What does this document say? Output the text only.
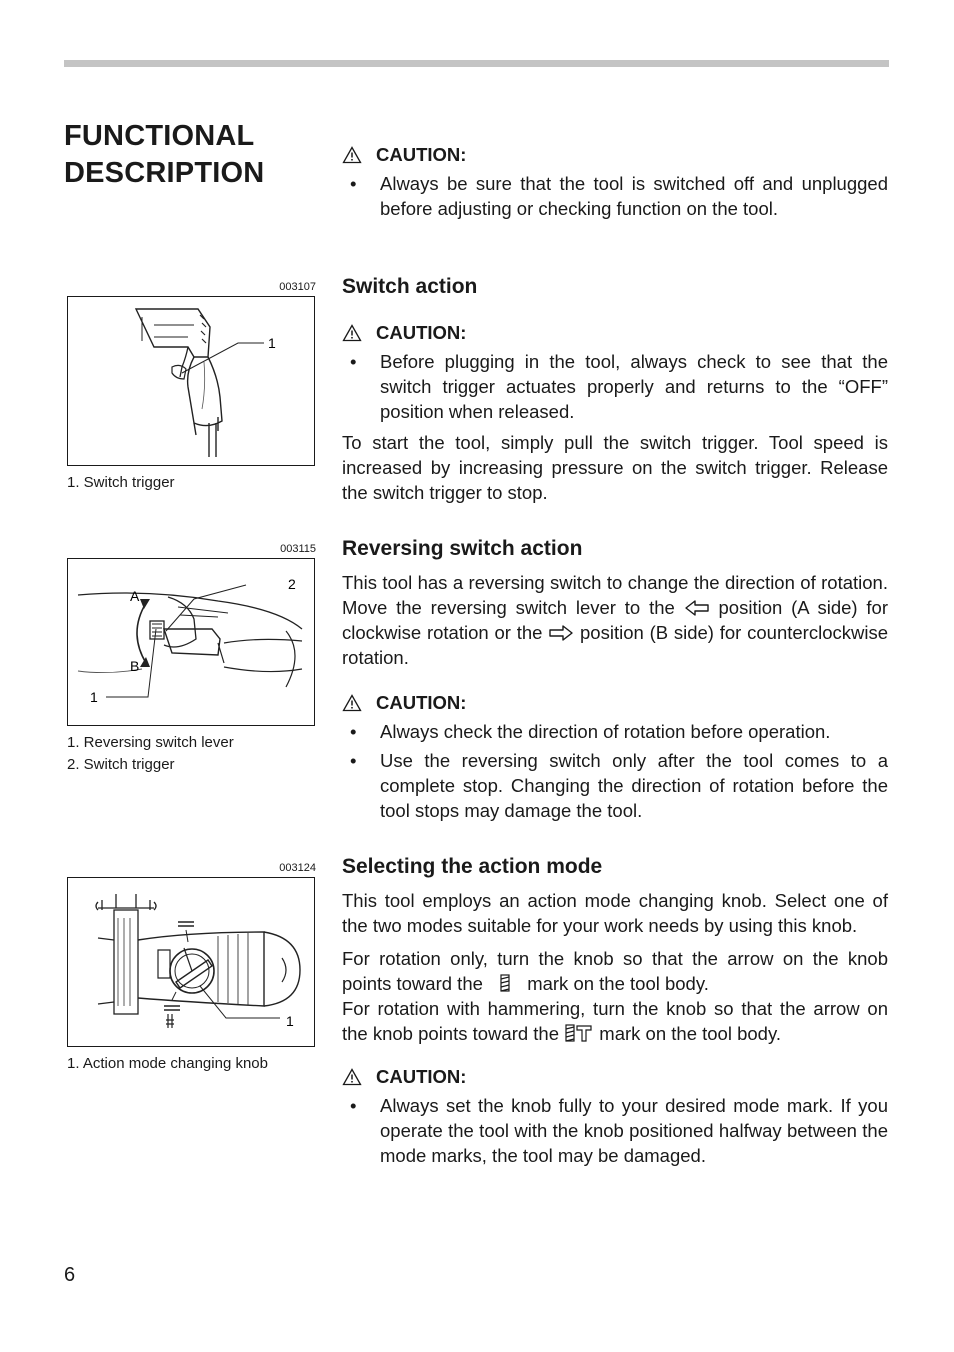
FUNCTIONAL
DESCRIPTION
003107
1
1. Switch trigger
003115
2
A
B
1
1. Reversing switch lever
2. Switch trigger
003124
1
1. Action mode changing knob
CAUTION:
• Always be sure that the tool is switched off and unplugged before adjusting or checking function on the tool.
Switch action
CAUTION:
• Before plugging in the tool, always check to see that the switch trigger actuates properly and returns to the “OFF” position when released.

To start the tool, simply pull the switch trigger. Tool speed is increased by increasing pressure on the switch trigger. Release the switch trigger to stop.

Reversing switch action

This tool has a reversing switch to change the direction of rotation. Move the reversing switch lever to the position (A side) for clockwise rotation or the position (B side) for counterclockwise rotation.

CAUTION:
• Always check the direction of rotation before operation.
• Use the reversing switch only after the tool comes to a complete stop. Changing the direction of rotation before the tool stops may damage the tool.
Selecting the action mode

This tool employs an action mode changing knob. Select one of the two modes suitable for your work needs by using this knob.

For rotation only, turn the knob so that the arrow on the knob points toward the mark on the tool body.
For rotation with hammering, turn the knob so that the arrow on the knob points toward the mark on the tool body.

CAUTION:
• Always set the knob fully to your desired mode mark. If you operate the tool with the knob positioned halfway between the mode marks, the tool may be damaged.
6
